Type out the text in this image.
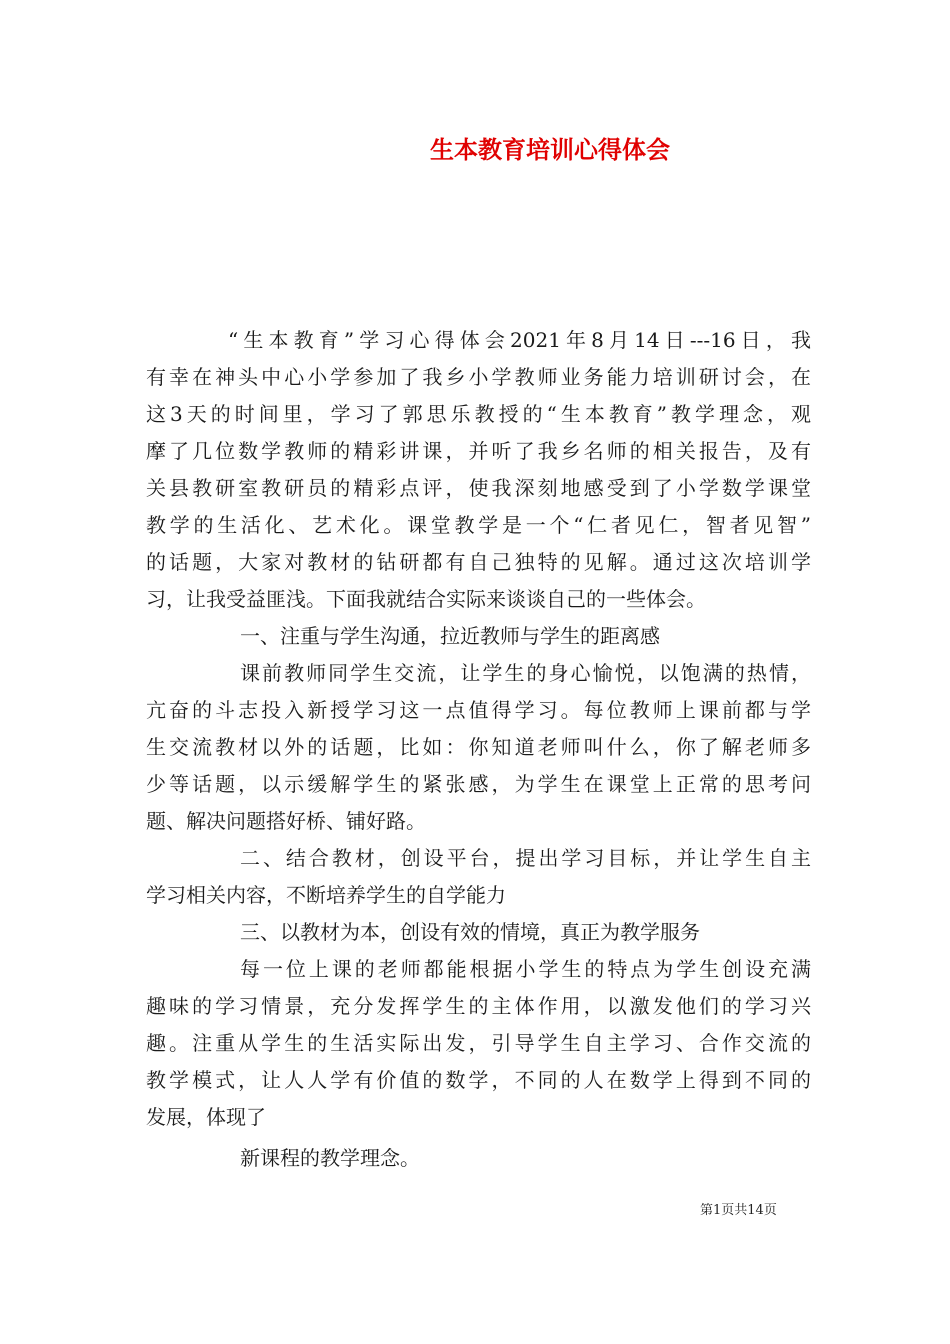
生本教育培训心得体会
“生本教育”学习心得体会2021年8月14日---16日，我
有幸在神头中心小学参加了我乡小学教师业务能力培训研讨会，在
这3天的时间里，学习了郭思乐教授的“生本教育”教学理念，观
摩了几位数学教师的精彩讲课，并听了我乡名师的相关报告，及有
关县教研室教研员的精彩点评，使我深刻地感受到了小学数学课堂
教学的生活化、艺术化。课堂教学是一个“仁者见仁，智者见智”
的话题，大家对教材的钻研都有自己独特的见解。通过这次培训学
习，让我受益匪浅。下面我就结合实际来谈谈自己的一些体会。
一、注重与学生沟通，拉近教师与学生的距离感
课前教师同学生交流，让学生的身心愉悦，以饱满的热情，
亢奋的斗志投入新授学习这一点值得学习。每位教师上课前都与学
生交流教材以外的话题，比如：你知道老师叫什么，你了解老师多
少等话题，以示缓解学生的紧张感，为学生在课堂上正常的思考问
题、解决问题搭好桥、铺好路。
二、结合教材，创设平台，提出学习目标，并让学生自主
学习相关内容，不断培养学生的自学能力
三、以教材为本，创设有效的情境，真正为教学服务
每一位上课的老师都能根据小学生的特点为学生创设充满
趣味的学习情景，充分发挥学生的主体作用，以激发他们的学习兴
趣。注重从学生的生活实际出发，引导学生自主学习、合作交流的
教学模式，让人人学有价值的数学，不同的人在数学上得到不同的
发展，体现了
新课程的教学理念。
第1页共14页
